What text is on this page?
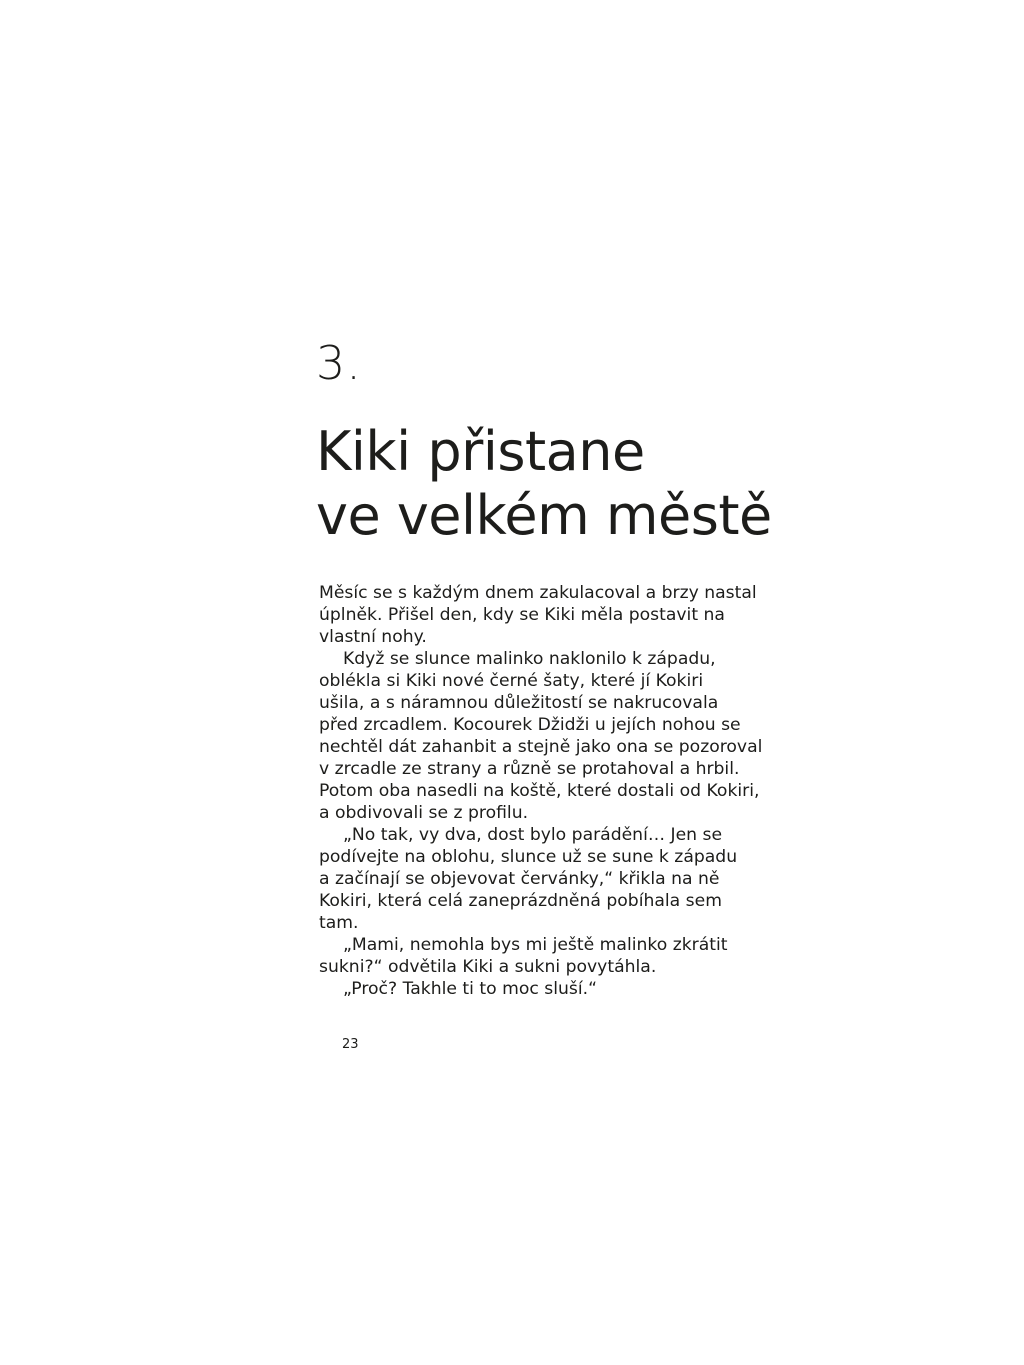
3.
Kiki přistane
ve velkém městě
Měsíc se s každým dnem zakulacoval a brzy nastal
úplněk. Přišel den, kdy se Kiki měla postavit na
vlastní nohy.
Když se slunce malinko naklonilo k západu,
oblékla si Kiki nové černé šaty, které jí Kokiri
ušila, a s náramnou důležitostí se nakrucovala
před zrcadlem. Kocourek Džidži u jejích nohou se
nechtěl dát zahanbit a stejně jako ona se pozoroval
v zrcadle ze strany a různě se protahoval a hrbil.
Potom oba nasedli na koště, které dostali od Kokiri,
a obdivovali se z profilu.
„No tak, vy dva, dost bylo parádění… Jen se
podívejte na oblohu, slunce už se sune k západu
a začínají se objevovat červánky,“ křikla na ně
Kokiri, která celá zaneprázdněná pobíhala sem
tam.
„Mami, nemohla bys mi ještě malinko zkrátit
sukni?“ odvětila Kiki a sukni povytáhla.
„Proč? Takhle ti to moc sluší.“
23
